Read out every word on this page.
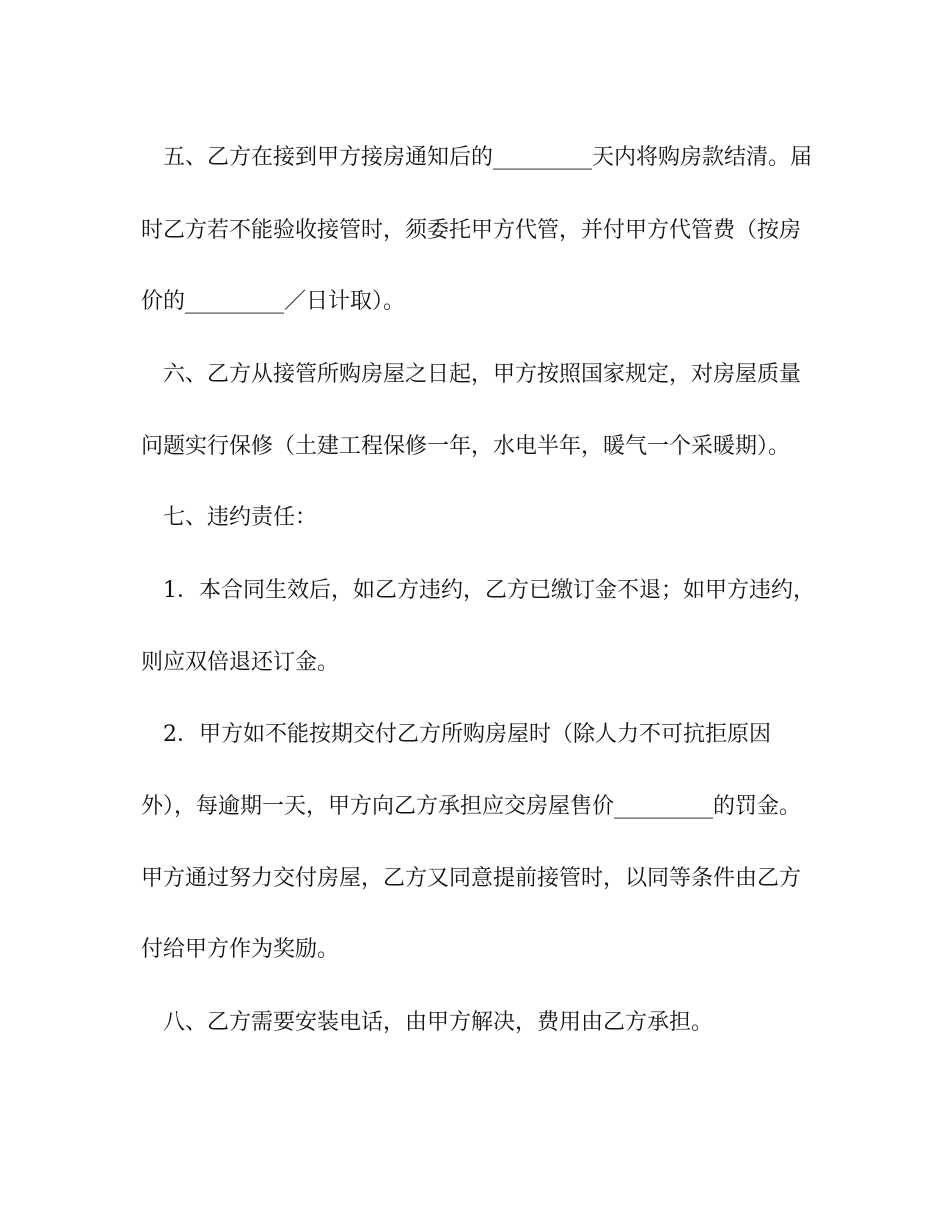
五、乙方在接到甲方接房通知后的_________天内将购房款结清。届
时乙方若不能验收接管时，须委托甲方代管，并付甲方代管费（按房
价的_________／日计取）。
六、乙方从接管所购房屋之日起，甲方按照国家规定，对房屋质量
问题实行保修（土建工程保修一年，水电半年，暖气一个采暖期）。
七、违约责任：
1．本合同生效后，如乙方违约，乙方已缴订金不退；如甲方违约，
则应双倍退还订金。
2．甲方如不能按期交付乙方所购房屋时（除人力不可抗拒原因
外），每逾期一天，甲方向乙方承担应交房屋售价_________的罚金。
甲方通过努力交付房屋，乙方又同意提前接管时，以同等条件由乙方
付给甲方作为奖励。
八、乙方需要安装电话，由甲方解决，费用由乙方承担。
